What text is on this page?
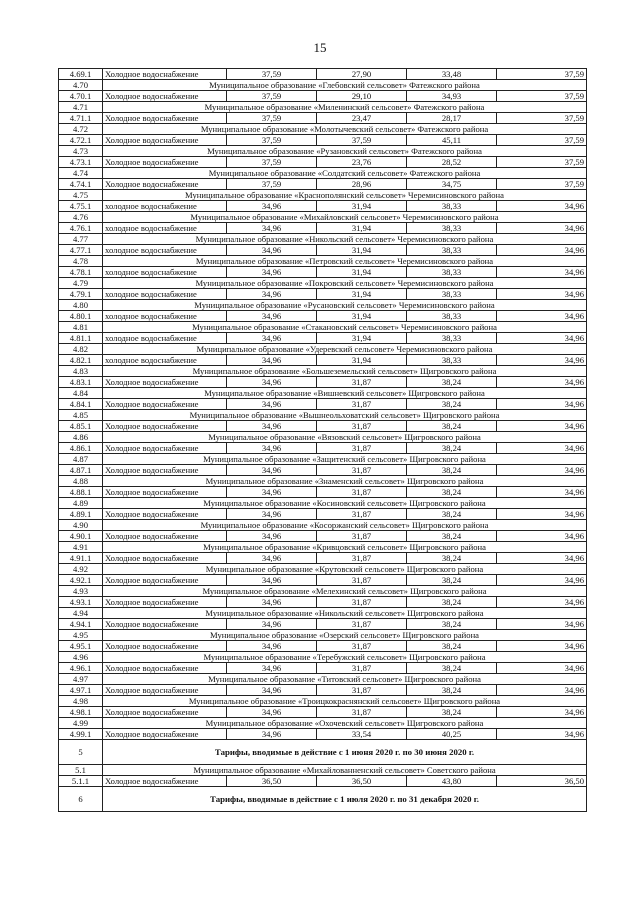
15
4.69.1	Холодное водоснабжение	37,59	27,90	33,48	37,59
4.70	Муниципальное образование «Глебовский сельсовет» Фатежского района				
4.70.1	Холодное водоснабжение	37,59	29,10	34,93	37,59
4.71	Муниципальное образование «Миленинский сельсовет» Фатежского района				
4.71.1	Холодное водоснабжение	37,59	23,47	28,17	37,59
4.72	Муниципальное образование «Молотычевский сельсовет» Фатежского района				
4.72.1	Холодное водоснабжение	37,59	37,59	45,11	37,59
4.73	Муниципальное образование «Рузановский сельсовет» Фатежского района				
4.73.1	Холодное водоснабжение	37,59	23,76	28,52	37,59
4.74	Муниципальное образование «Солдатский сельсовет» Фатежского района				
4.74.1	Холодное водоснабжение	37,59	28,96	34,75	37,59
4.75	Муниципальное образование «Краснополянский сельсовет» Черемисиновского района				
4.75.1	холодное водоснабжение	34,96	31,94	38,33	34,96
4.76	Муниципальное образование «Михайловский сельсовет» Черемисиновского района				
4.76.1	холодное водоснабжение	34,96	31,94	38,33	34,96
4.77	Муниципальное образование «Никольский сельсовет» Черемисиновского района				
4.77.1	холодное водоснабжение	34,96	31,94	38,33	34,96
4.78	Муниципальное образование «Петровский сельсовет» Черемисиновского района				
4.78.1	холодное водоснабжение	34,96	31,94	38,33	34,96
4.79	Муниципальное образование «Покровский сельсовет» Черемисиновского района				
4.79.1	холодное водоснабжение	34,96	31,94	38,33	34,96
4.80	Муниципальное образование «Русановский сельсовет» Черемисиновского района				
4.80.1	холодное водоснабжение	34,96	31,94	38,33	34,96
4.81	Муниципальное образование «Стакановский сельсовет» Черемисиновского района				
4.81.1	холодное водоснабжение	34,96	31,94	38,33	34,96
4.82	Муниципальное образование «Удеревский сельсовет» Черемисиновского района				
4.82.1	холодное водоснабжение	34,96	31,94	38,33	34,96
4.83	Муниципальное образование «Большеземельский сельсовет» Щигровского района				
4.83.1	Холодное водоснабжение	34,96	31,87	38,24	34,96
4.84	Муниципальное образование «Вишневский сельсовет» Щигровского района				
4.84.1	Холодное водоснабжение	34,96	31,87	38,24	34,96
4.85	Муниципальное образование «Вышнеольховатский сельсовет» Щигровского района				
4.85.1	Холодное водоснабжение	34,96	31,87	38,24	34,96
4.86	Муниципальное образование «Вязовский сельсовет» Щигровского района				
4.86.1	Холодное водоснабжение	34,96	31,87	38,24	34,96
4.87	Муниципальное образование «Защитенский сельсовет» Щигровского района				
4.87.1	Холодное водоснабжение	34,96	31,87	38,24	34,96
4.88	Муниципальное образование «Знаменский сельсовет» Щигровского района				
4.88.1	Холодное водоснабжение	34,96	31,87	38,24	34,96
4.89	Муниципальное образование «Косиновский сельсовет» Щигровского района				
4.89.1	Холодное водоснабжение	34,96	31,87	38,24	34,96
4.90	Муниципальное образование «Косоржанский сельсовет» Щигровского района				
4.90.1	Холодное водоснабжение	34,96	31,87	38,24	34,96
4.91	Муниципальное образование «Кривцовский сельсовет» Щигровского района				
4.91.1	Холодное водоснабжение	34,96	31,87	38,24	34,96
4.92	Муниципальное образование «Крутовский сельсовет» Щигровского района				
4.92.1	Холодное водоснабжение	34,96	31,87	38,24	34,96
4.93	Муниципальное образование «Мелехинский сельсовет» Щигровского района				
4.93.1	Холодное водоснабжение	34,96	31,87	38,24	34,96
4.94	Муниципальное образование «Никольский сельсовет» Щигровского района				
4.94.1	Холодное водоснабжение	34,96	31,87	38,24	34,96
4.95	Муниципальное образование «Озерский сельсовет» Щигровского района				
4.95.1	Холодное водоснабжение	34,96	31,87	38,24	34,96
4.96	Муниципальное образование «Теребужский сельсовет» Щигровского района				
4.96.1	Холодное водоснабжение	34,96	31,87	38,24	34,96
4.97	Муниципальное образование «Титовский сельсовет» Щигровского района				
4.97.1	Холодное водоснабжение	34,96	31,87	38,24	34,96
4.98	Муниципальное образование «Троицкокраснянский сельсовет» Щигровского района				
4.98.1	Холодное водоснабжение	34,96	31,87	38,24	34,96
4.99	Муниципальное образование «Охочевский сельсовет» Щигровского района				
4.99.1	Холодное водоснабжение	34,96	33,54	40,25	34,96
5	Тарифы, вводимые в действие с 1 июня 2020 г. по 30 июня 2020 г.				
5.1	Муниципальное образование «Михайлованненский сельсовет» Советского района				
5.1.1	Холодное водоснабжение	36,50	36,50	43,80	36,50
6	Тарифы, вводимые в действие с 1 июля 2020 г. по 31 декабря 2020 г.				
